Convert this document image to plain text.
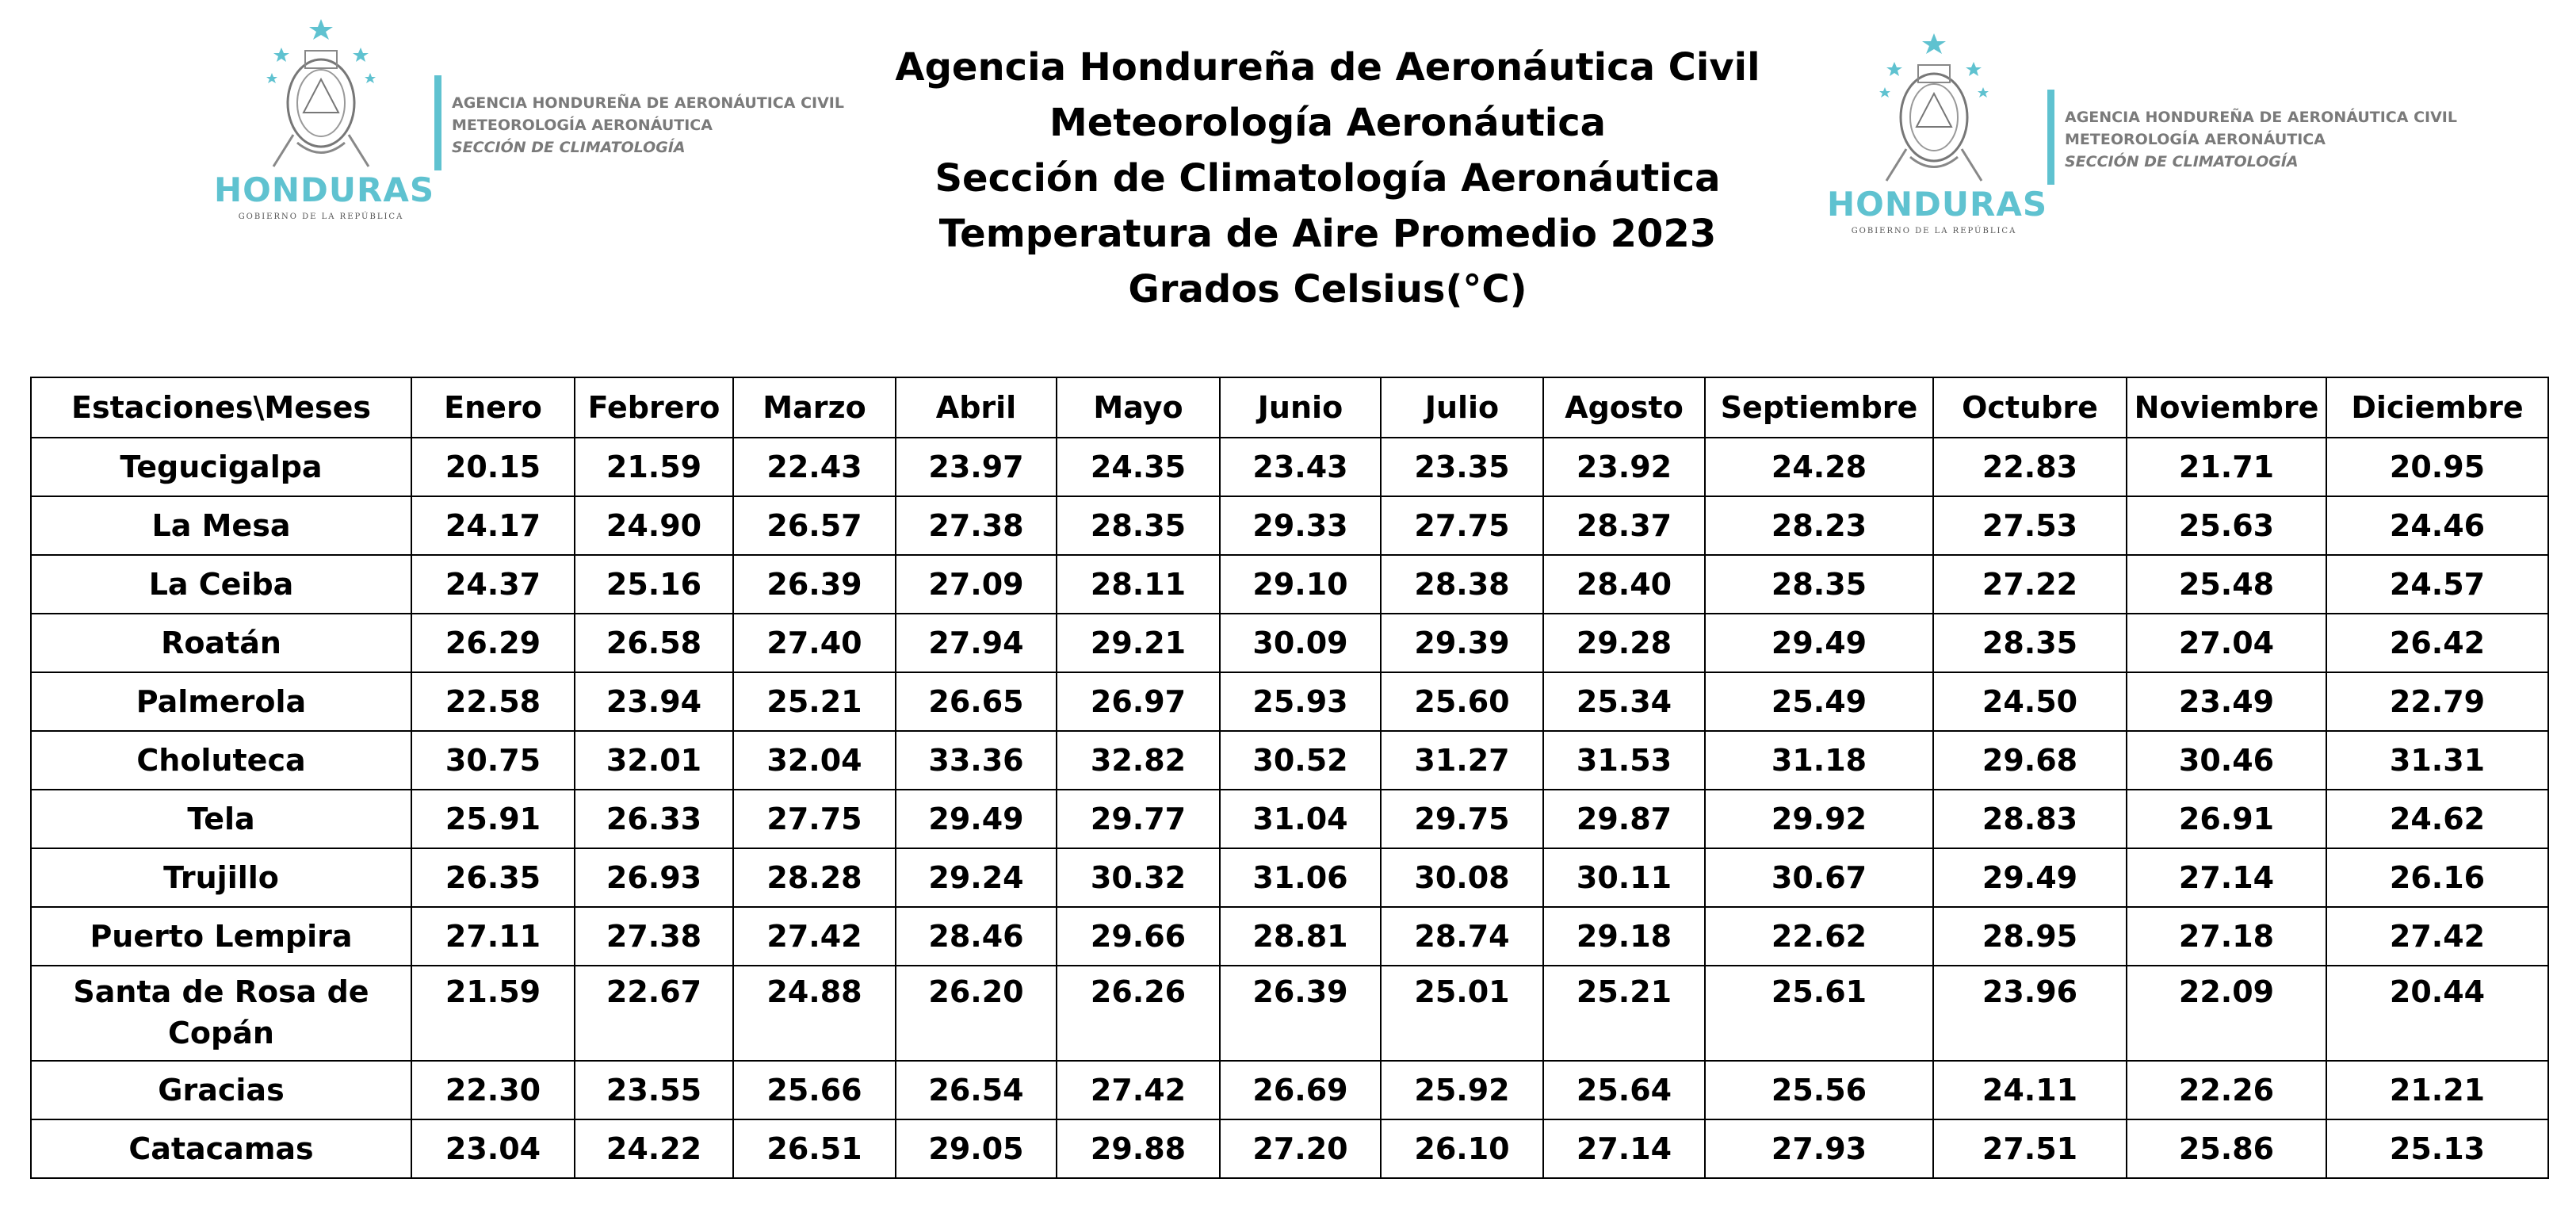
HONDURAS
GOBIERNO DE LA REPÚBLICA
AGENCIA HONDUREÑA DE AERONÁUTICA CIVIL
METEOROLOGÍA AERONÁUTICA
SECCIÓN DE CLIMATOLOGÍA
Agencia Hondureña de Aeronáutica Civil
Meteorología Aeronáutica
Sección de Climatología Aeronáutica
Temperatura de Aire Promedio 2023
Grados Celsius(°C)
HONDURAS
GOBIERNO DE LA REPÚBLICA
AGENCIA HONDUREÑA DE AERONÁUTICA CIVIL
METEOROLOGÍA AERONÁUTICA
SECCIÓN DE CLIMATOLOGÍA
Estaciones\Meses	Enero	Febrero	Marzo	Abril	Mayo	Junio	Julio	Agosto	Septiembre	Octubre	Noviembre	Diciembre
Tegucigalpa	20.15	21.59	22.43	23.97	24.35	23.43	23.35	23.92	24.28	22.83	21.71	20.95
La Mesa	24.17	24.90	26.57	27.38	28.35	29.33	27.75	28.37	28.23	27.53	25.63	24.46
La Ceiba	24.37	25.16	26.39	27.09	28.11	29.10	28.38	28.40	28.35	27.22	25.48	24.57
Roatán	26.29	26.58	27.40	27.94	29.21	30.09	29.39	29.28	29.49	28.35	27.04	26.42
Palmerola	22.58	23.94	25.21	26.65	26.97	25.93	25.60	25.34	25.49	24.50	23.49	22.79
Choluteca	30.75	32.01	32.04	33.36	32.82	30.52	31.27	31.53	31.18	29.68	30.46	31.31
Tela	25.91	26.33	27.75	29.49	29.77	31.04	29.75	29.87	29.92	28.83	26.91	24.62
Trujillo	26.35	26.93	28.28	29.24	30.32	31.06	30.08	30.11	30.67	29.49	27.14	26.16
Puerto Lempira	27.11	27.38	27.42	28.46	29.66	28.81	28.74	29.18	22.62	28.95	27.18	27.42
Santa de Rosa de Copán	21.59	22.67	24.88	26.20	26.26	26.39	25.01	25.21	25.61	23.96	22.09	20.44
Gracias	22.30	23.55	25.66	26.54	27.42	26.69	25.92	25.64	25.56	24.11	22.26	21.21
Catacamas	23.04	24.22	26.51	29.05	29.88	27.20	26.10	27.14	27.93	27.51	25.86	25.13
